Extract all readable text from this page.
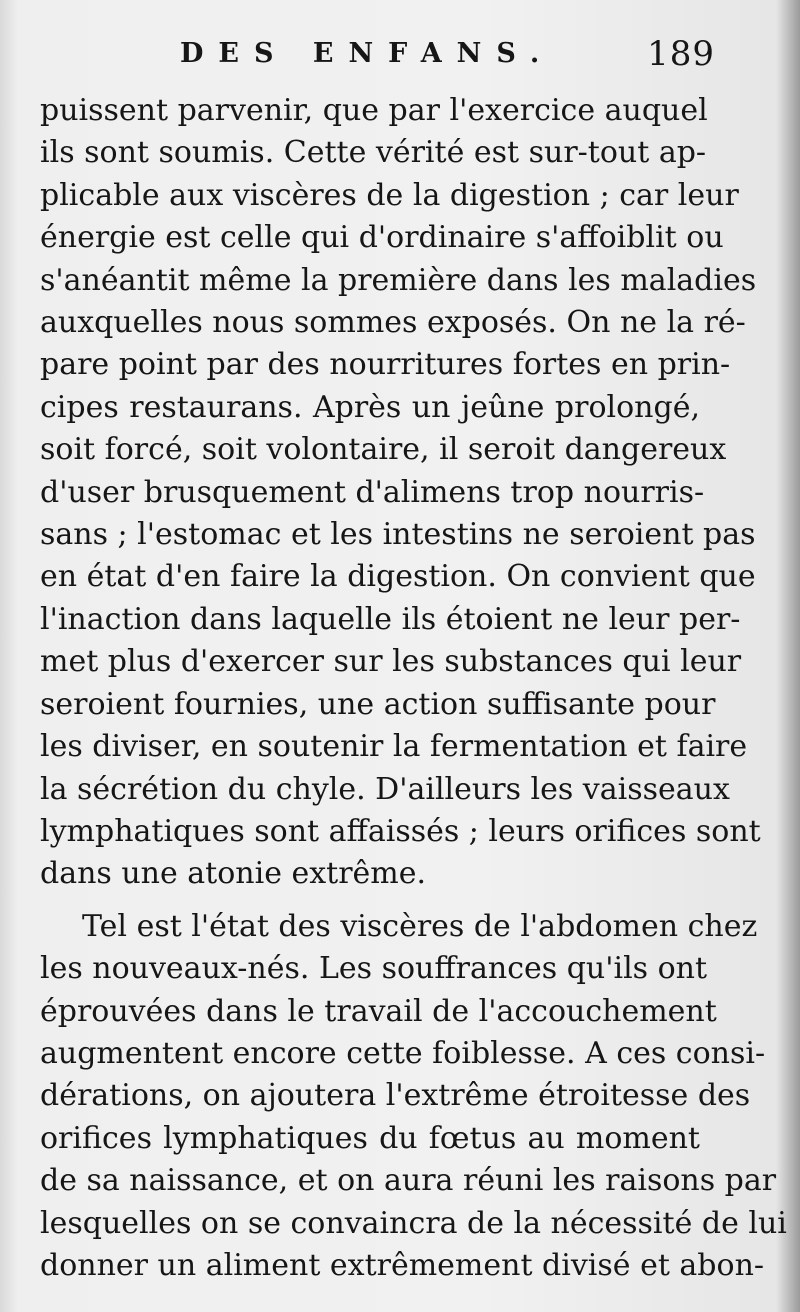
DES ENFANS.	189
puissent parvenir, que par l'exercice auquel
ils sont soumis. Cette vérité est sur-tout ap-
plicable aux viscères de la digestion ; car leur
énergie est celle qui d'ordinaire s'affoiblit ou
s'anéantit même la première dans les maladies
auxquelles nous sommes exposés. On ne la ré-
pare point par des nourritures fortes en prin-
cipes restaurans. Après un jeûne prolongé,
soit forcé, soit volontaire, il seroit dangereux
d'user brusquement d'alimens trop nourris-
sans ; l'estomac et les intestins ne seroient pas
en état d'en faire la digestion. On convient que
l'inaction dans laquelle ils étoient ne leur per-
met plus d'exercer sur les substances qui leur
seroient fournies, une action suffisante pour
les diviser, en soutenir la fermentation et faire
la sécrétion du chyle. D'ailleurs les vaisseaux
lymphatiques sont affaissés ; leurs orifices sont
dans une atonie extrême.
Tel est l'état des viscères de l'abdomen chez
les nouveaux-nés. Les souffrances qu'ils ont
éprouvées dans le travail de l'accouchement
augmentent encore cette foiblesse. A ces consi-
dérations, on ajoutera l'extrême étroitesse des
orifices lymphatiques du fœtus au moment
de sa naissance, et on aura réuni les raisons par
lesquelles on se convaincra de la nécessité de lui
donner un aliment extrêmement divisé et abon-
